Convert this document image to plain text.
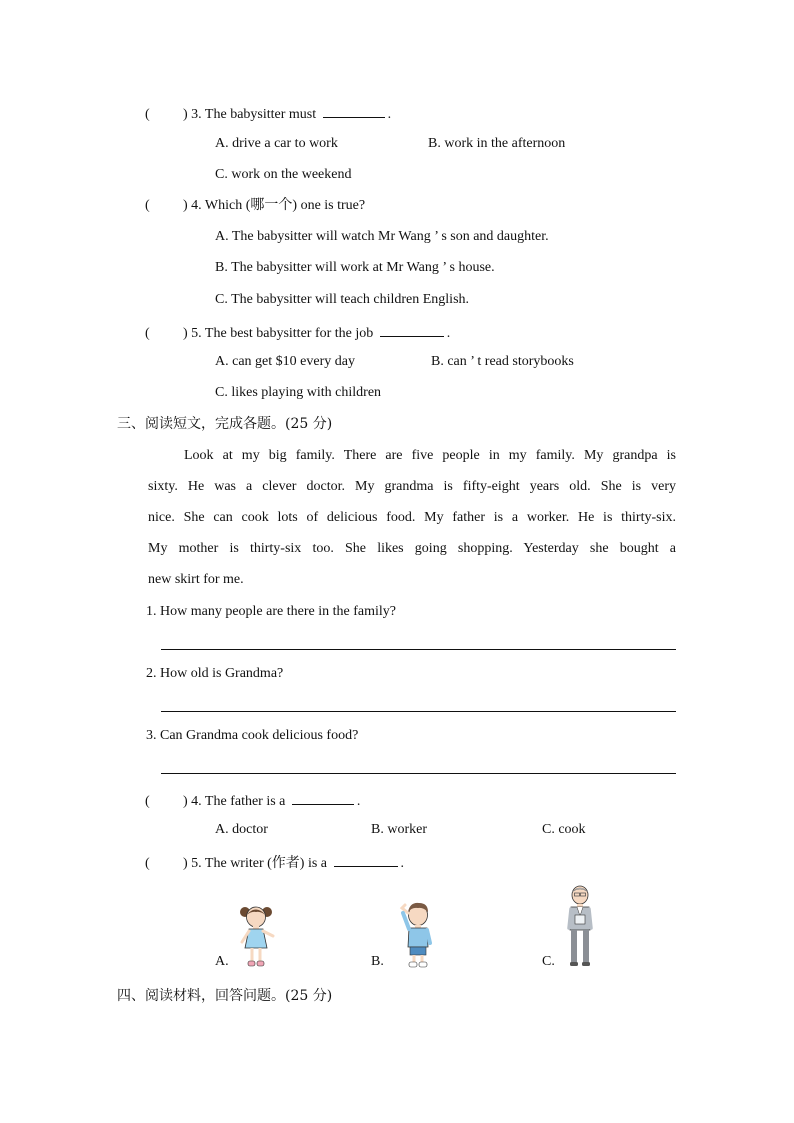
( ) 3. The babysitter must	.
A. drive a car to work	B. work in the afternoon
C. work on the weekend
( ) 4. Which (哪一个) one is true?
A. The babysitter will watch Mr Wang ’ s son and daughter.
B. The babysitter will work at Mr Wang ’ s house.
C. The babysitter will teach children English.
( ) 5. The best babysitter for the job	.
A. can get $10 every day	B. can ’ t read storybooks
C. likes playing with children
三、阅读短文，完成各题。(25 分)
Look at my big family. There are five people in my family. My grandpa is
sixty. He was a clever doctor. My grandma is fifty-eight years old. She is very
nice. She can cook lots of delicious food. My father is a worker. He is thirty-six.
My mother is thirty-six too. She likes going shopping. Yesterday she bought a
new skirt for me.
1. How many people are there in the family?
2. How old is Grandma?
3. Can Grandma cook delicious food?
( ) 4. The father is a	.
A. doctor	B. worker	C. cook
( ) 5. The writer (作者) is a	.
A.	B.	C.
四、阅读材料，回答问题。(25 分)
